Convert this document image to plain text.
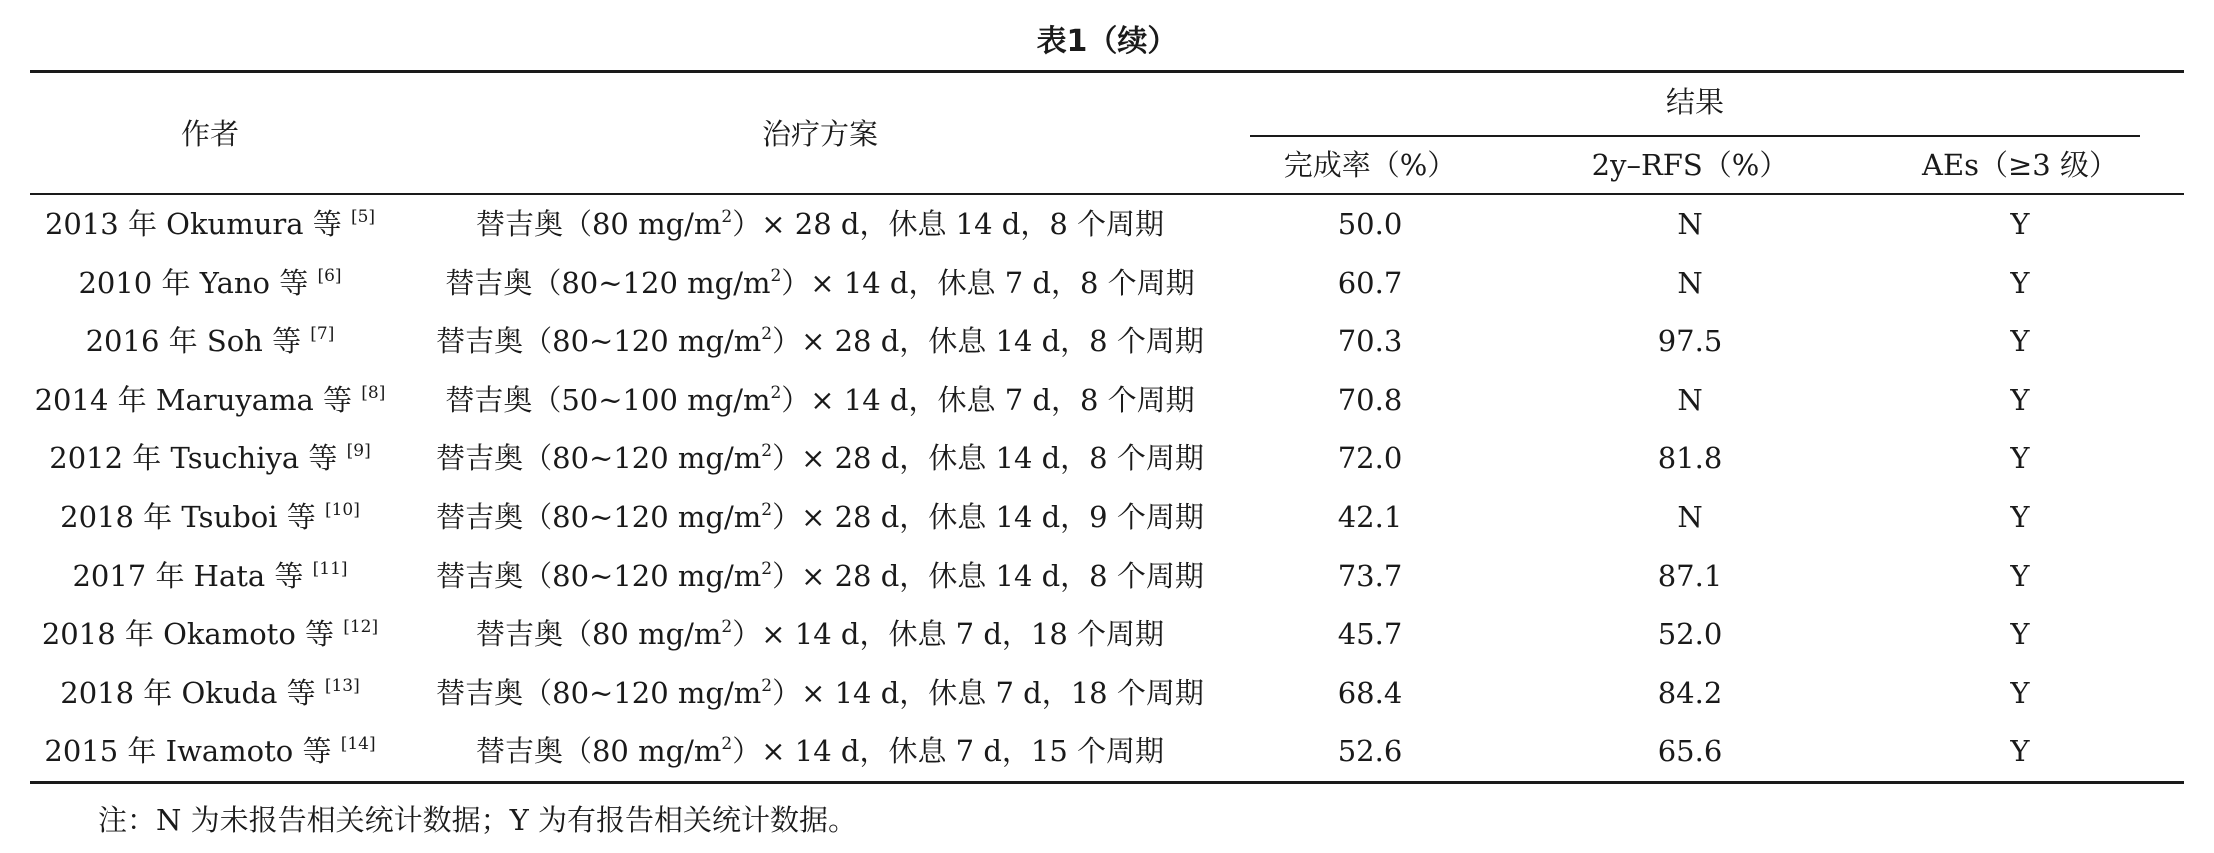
表1（续）
作者	治疗方案
结果
完成率（%）	2y–RFS（%）	AEs（≥3 级）
2013 年 Okumura 等 [5]	替吉奥（80 $mg/m^2)\times 28$ d，休息 14 d，8 个周期	50.0	N	Y
2010 年 Yano 等 [6]	替吉奥（80~120 $mg/m^2)\times 14$ d，休息 7 d，8 个周期	60.7	N	Y
2016 年 Soh 等 [7]	替吉奥（80~120 $mg/m^2)\times 28$ d，休息 14 d，8 个周期	70.3	97.5	Y
2014 年 Maruyama 等 [8]	替吉奥（50~100 $mg/m^2)\times 14$ d，休息 7 d，8 个周期	70.8	N	Y
2012 年 Tsuchiya 等 [9]	替吉奥（80~120 $mg/m^2)\times 28$ d，休息 14 d，8 个周期	72.0	81.8	Y
2018 年 Tsuboi 等 [10]	替吉奥（80~120 $mg/m^2)\times 28$ d，休息 14 d，9 个周期	42.1	N	Y
2017 年 Hata 等 [11]	替吉奥（80~120 $mg/m^2)\times 28$ d，休息 14 d，8 个周期	73.7	87.1	Y
2018 年 Okamoto 等 [12]	替吉奥（80 $mg/m^2)\times 14$ d，休息 7 d，18 个周期	45.7	52.0	Y
2018 年 Okuda 等 [13]	替吉奥（80~120 $mg/m^2)\times 14$ d，休息 7 d，18 个周期	68.4	84.2	Y
2015 年 Iwamoto 等 [14]	替吉奥（80 $mg/m^2)\times 14$ d，休息 7 d，15 个周期	52.6	65.6	Y
注：N 为未报告相关统计数据；Y 为有报告相关统计数据。
